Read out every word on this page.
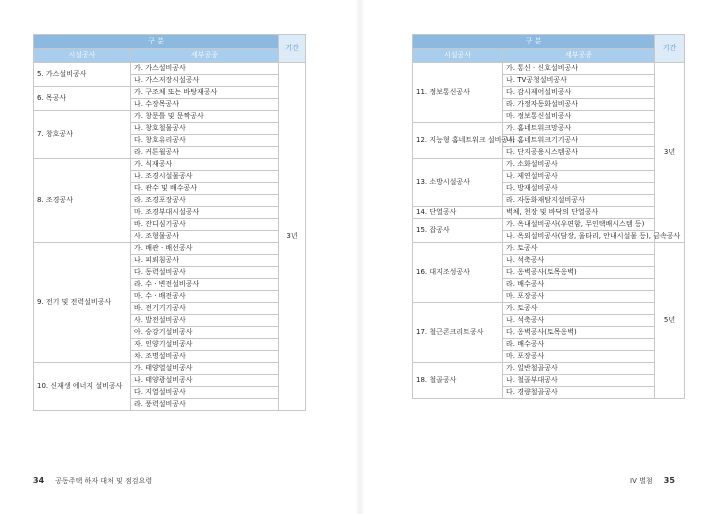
구 분		기간
시설공사	세부공종	
5. 가스설비공사	가. 가스설비공사	3년
	나. 가스저장시설공사	
6. 목공사	가. 구조체 또는 바탕재공사	
	나. 수장목공사	
7. 창호공사	가. 창문틀 및 문짝공사	
	나. 창호철물공사	
	다. 창호유리공사	
	라. 커튼월공사	
8. 조경공사	가. 식재공사	
	나. 조경시설물공사	
	다. 관수 및 배수공사	
	라. 조경포장공사	
	마. 조경부대시설공사	
	바. 잔디심기공사	
	사. 조형물공사	
9. 전기 및 전력설비공사	가. 배관 · 배선공사	
	나. 피뢰침공사	
	다. 동력설비공사	
	라. 수 · 변전설비공사	
	마. 수 · 배전공사	
	바. 전기기기공사	
	사. 발전설비공사	
	아. 승강기설비공사	
	자. 인양기설비공사	
	차. 조명설비공사	
10. 신재생 에너지 설비공사	가. 태양열설비공사	
	나. 태양광설비공사	
	다. 지열설비공사	
	라. 풍력설비공사	
34 공동주택 하자 대처 및 점검요령
구 분		기간
시설공사	세부공종	
11. 정보통신공사	가. 통신 · 신호설비공사	3년
	나. TV공청설비공사	
	다. 감시제어설비공사	
	라. 가정자동화설비공사	
	마. 정보통신설비공사	
12. 지능형 홈네트워크 설비공사	가. 홈네트워크망공사	
	나. 홈네트워크기기공사	
	다. 단지공용시스템공사	
13. 소방시설공사	가. 소화설비공사	
	나. 제연설비공사	
	다. 방재설비공사	
	라. 자동화재탐지설비공사	
14. 단열공사	벽체, 천장 및 바닥의 단열공사	
15. 잡공사	가. 옥내설비공사(우편함, 무인택배시스템 등)	
	나. 옥외설비공사(담장, 울타리, 안내시설물 등), 금속공사	
16. 대지조성공사	가. 토공사	5년
	나. 석축공사	
	다. 옹벽공사(토목옹벽)	
	라. 배수공사	
	마. 포장공사	
17. 철근콘크리트공사	가. 토공사	
	나. 석축공사	
	다. 옹벽공사(토목옹벽)	
	라. 배수공사	
	마. 포장공사	
18. 철골공사	가. 일반철골공사	
	나. 철골부대공사	
	다. 경량철골공사	
IV 별첨 35
